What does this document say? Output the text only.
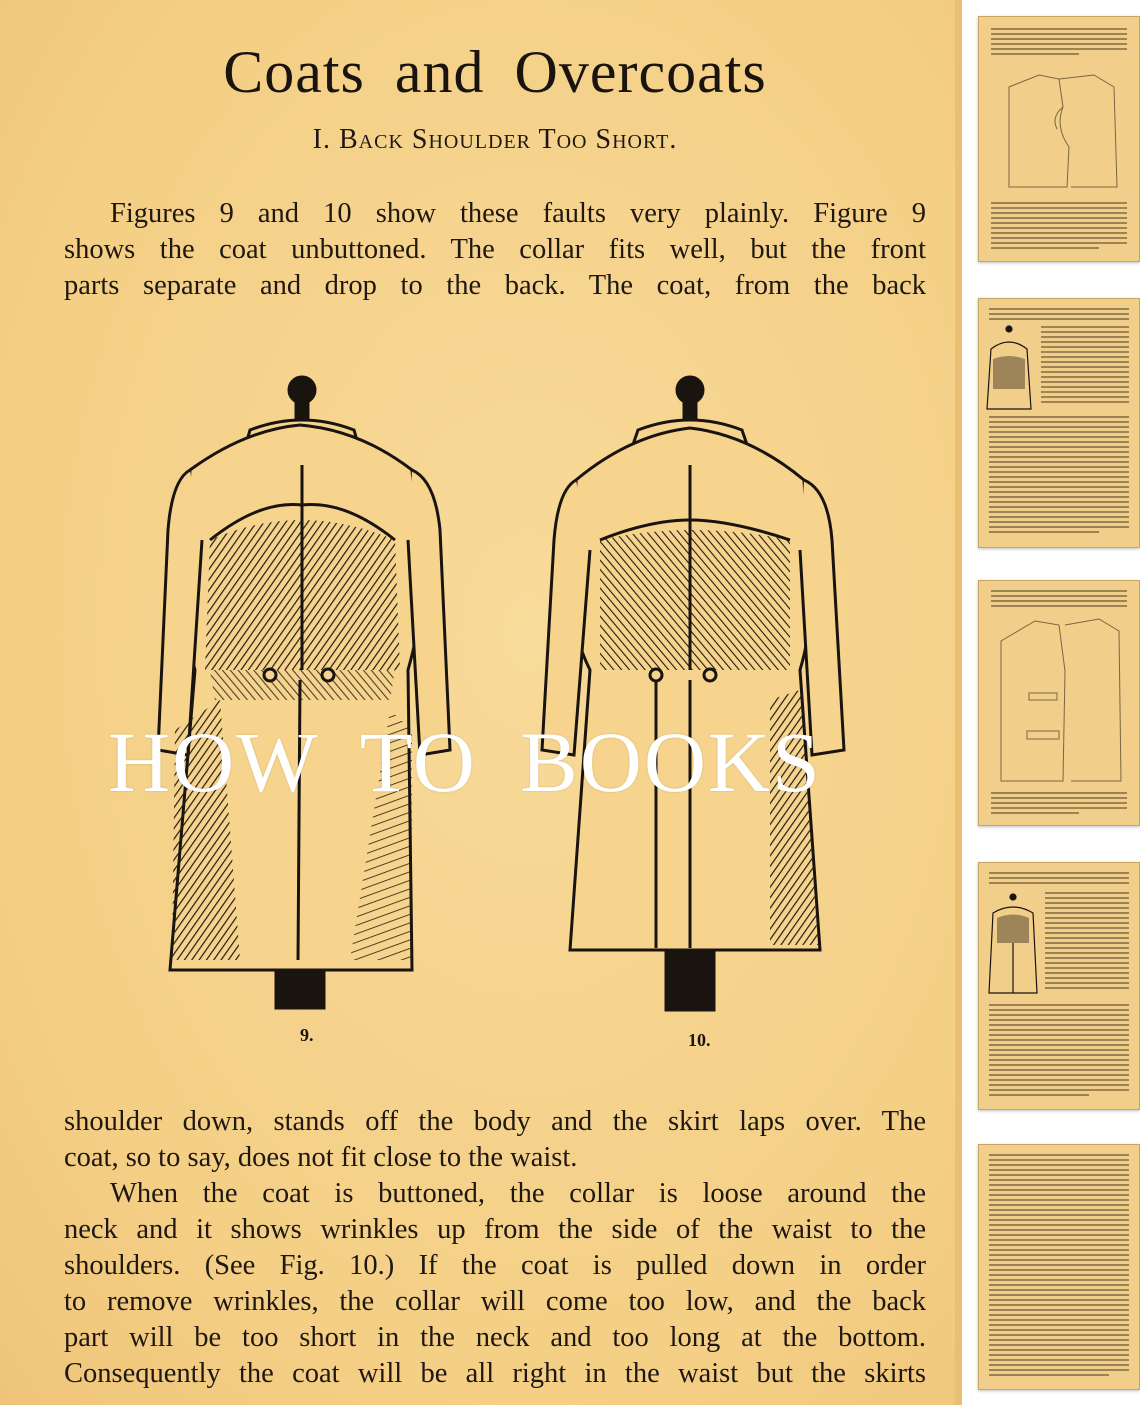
Coats and Overcoats
I. Back Shoulder Too Short.
Figures 9 and 10 show these faults very plainly. Figure 9
shows the coat unbuttoned. The collar fits well, but the front
parts separate and drop to the back. The coat, from the back
9.	10.
HOW TO BOOKS
shoulder down, stands off the body and the skirt laps over. The
coat, so to say, does not fit close to the waist.
When the coat is buttoned, the collar is loose around the
neck and it shows wrinkles up from the side of the waist to the
shoulders. (See Fig. 10.) If the coat is pulled down in order
to remove wrinkles, the collar will come too low, and the back
part will be too short in the neck and too long at the bottom.
Consequently the coat will be all right in the waist but the skirts
